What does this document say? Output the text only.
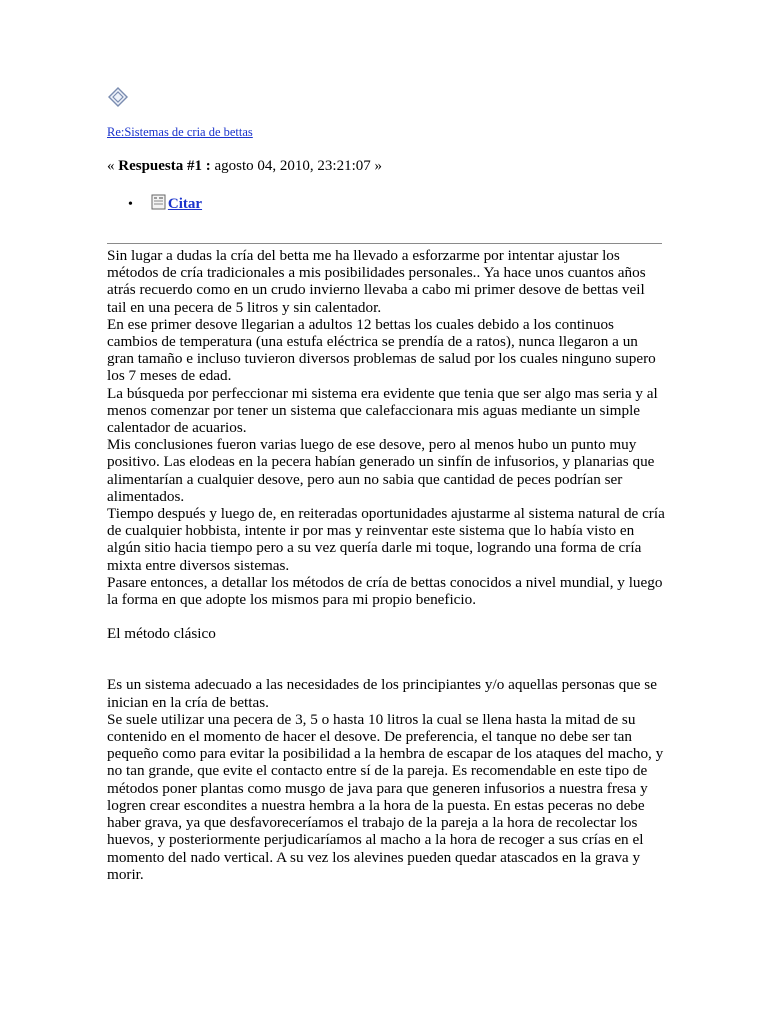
Re:Sistemas de cria de bettas
« Respuesta #1 : agosto 04, 2010, 23:21:07 »
• Citar

Sin lugar a dudas la cría del betta me ha llevado a esforzarme por intentar ajustar los métodos de cría tradicionales a mis posibilidades personales.. Ya hace unos cuantos años atrás recuerdo como en un crudo invierno llevaba a cabo mi primer desove de bettas veil tail en una pecera de 5 litros y sin calentador.

En ese primer desove llegarian a adultos 12 bettas los cuales debido a los continuos cambios de temperatura (una estufa eléctrica se prendía de a ratos), nunca llegaron a un gran tamaño e incluso tuvieron diversos problemas de salud por los cuales ninguno supero los 7 meses de edad.

La búsqueda por perfeccionar mi sistema era evidente que tenia que ser algo mas seria y al menos comenzar por tener un sistema que calefaccionara mis aguas mediante un simple calentador de acuarios.

Mis conclusiones fueron varias luego de ese desove, pero al menos hubo un punto muy positivo. Las elodeas en la pecera habían generado un sinfín de infusorios, y planarias que alimentarían a cualquier desove, pero aun no sabia que cantidad de peces podrían ser alimentados.

Tiempo después y luego de, en reiteradas oportunidades ajustarme al sistema natural de cría de cualquier hobbista, intente ir por mas y reinventar este sistema que lo había visto en algún sitio hacia tiempo pero a su vez quería darle mi toque, logrando una forma de cría mixta entre diversos sistemas.

Pasare entonces, a detallar los métodos de cría de bettas conocidos a nivel mundial, y luego la forma en que adopte los mismos para mi propio beneficio.

El método clásico

Es un sistema adecuado a las necesidades de los principiantes y/o aquellas personas que se inician en la cría de bettas.

Se suele utilizar una pecera de 3, 5 o hasta 10 litros la cual se llena hasta la mitad de su contenido en el momento de hacer el desove. De preferencia, el tanque no debe ser tan pequeño como para evitar la posibilidad a la hembra de escapar de los ataques del macho, y no tan grande, que evite el contacto entre sí de la pareja. Es recomendable en este tipo de métodos poner plantas como musgo de java para que generen infusorios a nuestra fresa y logren crear escondites a nuestra hembra a la hora de la puesta. En estas peceras no debe haber grava, ya que desfavoreceríamos el trabajo de la pareja a la hora de recolectar los huevos, y posteriormente perjudicaríamos al macho a la hora de recoger a sus crías en el momento del nado vertical. A su vez los alevines pueden quedar atascados en la grava y morir.
